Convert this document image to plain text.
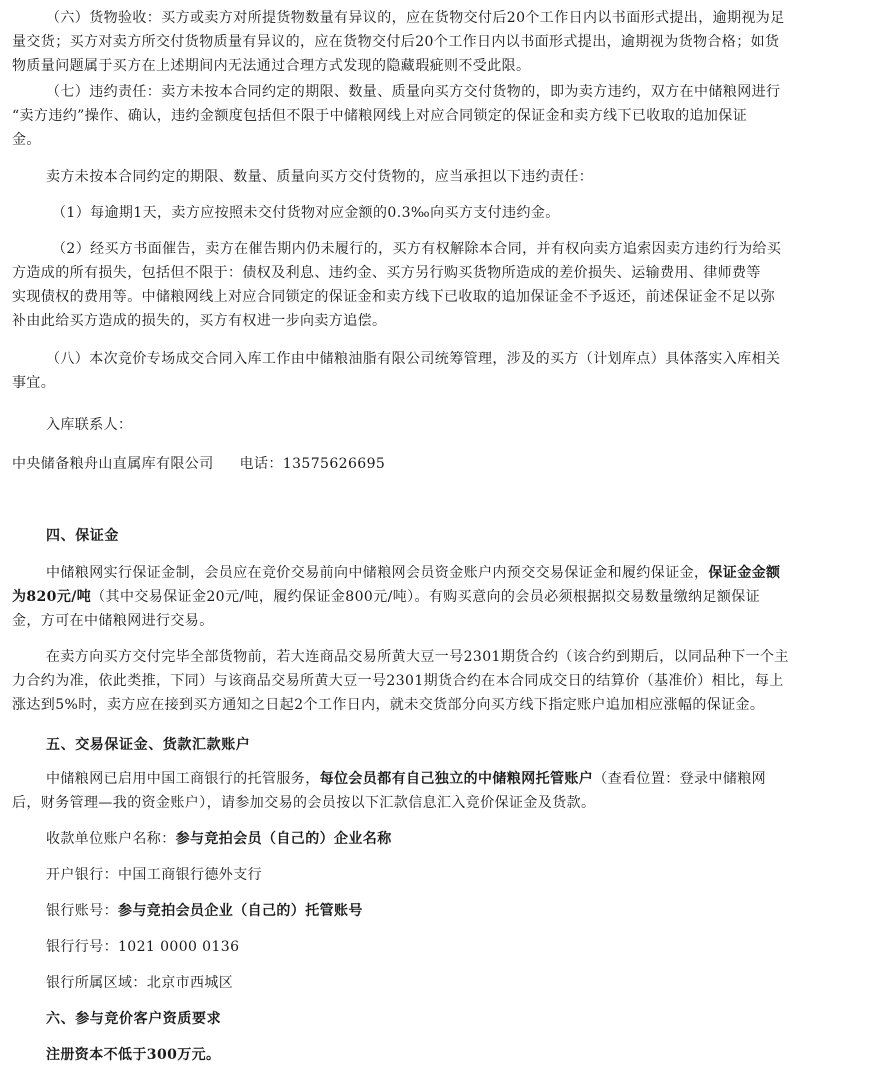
（六）货物验收：买方或卖方对所提货物数量有异议的，应在货物交付后20个工作日内以书面形式提出，逾期视为足
量交货；买方对卖方所交付货物质量有异议的，应在货物交付后20个工作日内以书面形式提出，逾期视为货物合格；如货
物质量问题属于买方在上述期间内无法通过合理方式发现的隐藏瑕疵则不受此限。
（七）违约责任：卖方未按本合同约定的期限、数量、质量向买方交付货物的，即为卖方违约，双方在中储粮网进行
“卖方违约”操作、确认，违约金额度包括但不限于中储粮网线上对应合同锁定的保证金和卖方线下已收取的追加保证
金。
卖方未按本合同约定的期限、数量、质量向买方交付货物的，应当承担以下违约责任：
（1）每逾期1天，卖方应按照未交付货物对应金额的0.3‰向买方支付违约金。
（2）经买方书面催告，卖方在催告期内仍未履行的，买方有权解除本合同，并有权向卖方追索因卖方违约行为给买
方造成的所有损失，包括但不限于：债权及利息、违约金、买方另行购买货物所造成的差价损失、运输费用、律师费等
实现债权的费用等。中储粮网线上对应合同锁定的保证金和卖方线下已收取的追加保证金不予返还，前述保证金不足以弥
补由此给买方造成的损失的，买方有权进一步向卖方追偿。
（八）本次竞价专场成交合同入库工作由中储粮油脂有限公司统筹管理，涉及的买方（计划库点）具体落实入库相关
事宜。
入库联系人：
中央储备粮舟山直属库有限公司 电话：13575626695
四、保证金
中储粮网实行保证金制，会员应在竞价交易前向中储粮网会员资金账户内预交交易保证金和履约保证金，保证金金额
为820元/吨（其中交易保证金20元/吨，履约保证金800元/吨）。有购买意向的会员必须根据拟交易数量缴纳足额保证
金，方可在中储粮网进行交易。
在卖方向买方交付完毕全部货物前，若大连商品交易所黄大豆一号2301期货合约（该合约到期后，以同品种下一个主
力合约为准，依此类推，下同）与该商品交易所黄大豆一号2301期货合约在本合同成交日的结算价（基准价）相比，每上
涨达到5%时，卖方应在接到买方通知之日起2个工作日内，就未交货部分向买方线下指定账户追加相应涨幅的保证金。
五、交易保证金、货款汇款账户
中储粮网已启用中国工商银行的托管服务，每位会员都有自己独立的中储粮网托管账户（查看位置：登录中储粮网
后，财务管理—我的资金账户），请参加交易的会员按以下汇款信息汇入竞价保证金及货款。
收款单位账户名称：参与竞拍会员（自己的）企业名称
开户银行：中国工商银行德外支行
银行账号：参与竞拍会员企业（自己的）托管账号
银行行号：1021 0000 0136
银行所属区域：北京市西城区
六、参与竞价客户资质要求
注册资本不低于300万元。
